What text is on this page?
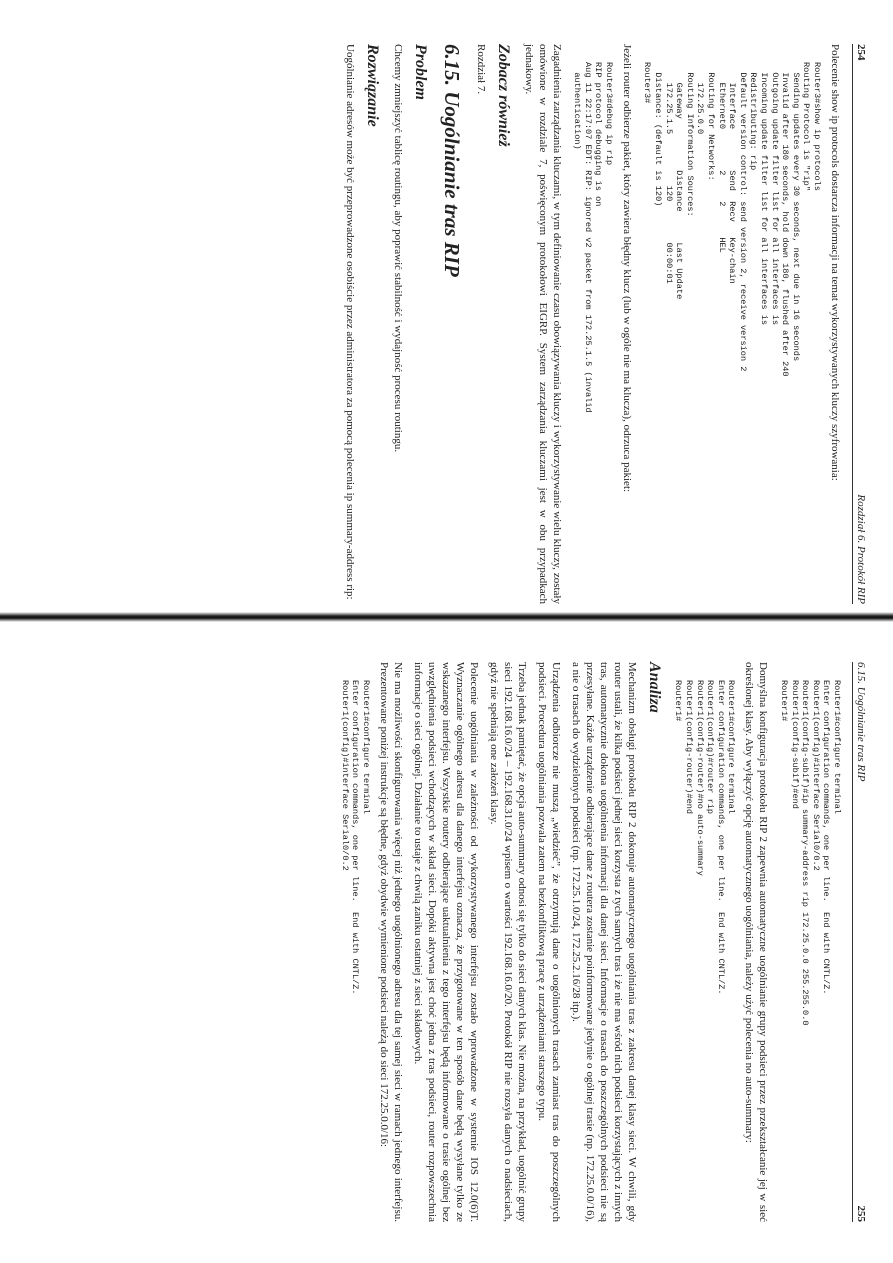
254
Rozdział 6. Protokół RIP

Polecenie show ip protocols dostarcza informacji na temat wykorzystywanych kluczy szyfrowania:

Router3#show ip protocols
Routing Protocol is "rip"
Sending updates every 30 seconds, next due in 16 seconds
Invalid after 180 seconds, hold down 180, flushed after 240
Outgoing update filter list for all interfaces is
Incoming update filter list for all interfaces is
Redistributing: rip
Default version control: send version 2, receive version 2
Interface        Send  Recv   Key-chain
Ethernet0        2     2      HEL
Routing for Networks:
172.25.0.0
Routing Information Sources:
Gateway          Distance      Last Update
172.25.1.5          120        00:00:01
Distance: (default is 120)
Router3#

Jeżeli router odbierze pakiet, który zawiera błędny klucz (lub w ogóle nie ma klucza), odrzuca pakiet:

Router3#debug ip rip
RIP protocol debugging is on
Aug 11 22:17:07 EDT: RIP: ignored v2 packet from 172.25.1.5 (invalid
authentication)

Zagadnienia zarządzania kluczami, w tym definiowanie czasu obowiązywania kluczy i wykorzystywanie wielu kluczy, zostały omówione w rozdziale 7, poświęconym protokołowi EIGRP. System zarządzania kluczami jest w obu przypadkach jednakowy.

Zobacz również

Rozdział 7.

6.15. Uogólnianie tras RIP
Problem

Chcemy zmniejszyć tablicę routingu, aby poprawić stabilność i wydajność procesu routingu.

Rozwiązanie

Uogólnianie adresów może być przeprowadzone osobiście przez administratora za pomocą polecenia ip summary-address rip:

6.15. Uogólnianie tras RIP
255
Router1#configure terminal
Enter configuration commands, one per line.  End with CNTL/Z.
Router1(config)#interface Serial0/0.2
Router1(config-subif)#ip summary-address rip 172.25.0.0 255.255.0.0
Router1(config-subif)#end
Router1#

Domyślna konfiguracja protokołu RIP 2 zapewnia automatyczne uogólnianie grupy podsieci przez przekształcanie jej w sieć określonej klasy. Aby wyłączyć opcję automatycznego uogólniania, należy użyć polecenia no auto-summary:

Router1#configure terminal
Enter configuration commands, one per line.  End with CNTL/Z.
Router1(config)#router rip
Router1(config-router)#no auto-summary
Router1(config-router)#end
Router1#
Analiza

Mechanizm obsługi protokołu RIP 2 dokonuje automatycznego uogólniania tras z zakresu danej klasy sieci. W chwili, gdy router ustali, że kilka podsieci jednej sieci korzysta z tych samych tras i że nie ma wśród nich podsieci korzystających z innych tras, automatycznie dokona uogólnienia informacji dla danej sieci. Informacje o trasach do poszczególnych podsieci nie są przesyłane. Każde urządzenie odbierające dane z routera zostanie poinformowane jedynie o ogólnej trasie (np. 172.25.0.0/16), a nie o trasach do wydzielonych podsieci (np. 172.25.1.0/24, 172.25.2.16/28 itp.).

Urządzenia odbiorcze nie muszą „wiedzieć”, że otrzymują dane o uogólnionych trasach zamiast tras do poszczególnych podsieci. Procedura uogólniania pozwala zatem na bezkonfliktową pracę z urządzeniami starszego typu.

Trzeba jednak pamiętać, że opcja auto-summary odnosi się tylko do sieci danych klas. Nie można, na przykład, uogólnić grupy sieci 192.168.16.0/24 – 192.168.31.0/24 wpisem o wartości 192.168.16.0/20. Protokół RIP nie rozsyła danych o nadsieciach, gdyż nie spełniają one założeń klasy.

Polecenie uogólniania w zależności od wykorzystywanego interfejsu zostało wprowadzone w systemie IOS 12.0(6)T. Wyznaczanie ogólnego adresu dla danego interfejsu oznacza, że przygotowane w ten sposób dane będą wysyłane tylko ze wskazanego interfejsu. Wszystkie routery odbierające uaktualnienia z tego interfejsu będą informowane o trasie ogólnej bez uwzględnienia podsieci wchodzących w skład sieci. Dopóki aktywna jest choć jedna z tras podsieci, router rozpowszechnia informacje o sieci ogólnej. Działanie to ustaje z chwilą zaniku ostatniej z sieci składowych.

Nie ma możliwości skonfigurowania więcej niż jednego uogólnionego adresu dla tej samej sieci w ramach jednego interfejsu. Prezentowane poniżej instrukcje są błędne, gdyż obydwie wymienione podsieci należą do sieci 172.25.0.0/16:

Router1#configure terminal
Enter configuration commands, one per line.  End with CNTL/Z.
Router1(config)#interface Serial0/0.2
